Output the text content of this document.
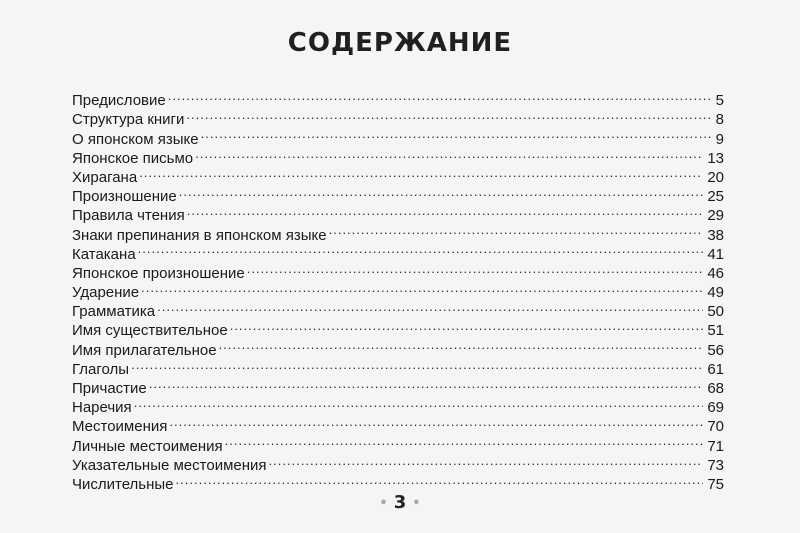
СОДЕРЖАНИЕ
Предисловие .....	5
Структура книги .....	8
О японском языке .....	9
Японское письмо .....	13
Хирагана .....	20
Произношение .....	25
Правила чтения .....	29
Знаки препинания в японском языке .....	38
Катакана .....	41
Японское произношение .....	46
Ударение .....	49
Грамматика .....	50
Имя существительное .....	51
Имя прилагательное .....	56
Глаголы .....	61
Причастие .....	68
Наречия .....	69
Местоимения .....	70
Личные местоимения .....	71
Указательные местоимения .....	73
Числительные .....	75
• 3 •
